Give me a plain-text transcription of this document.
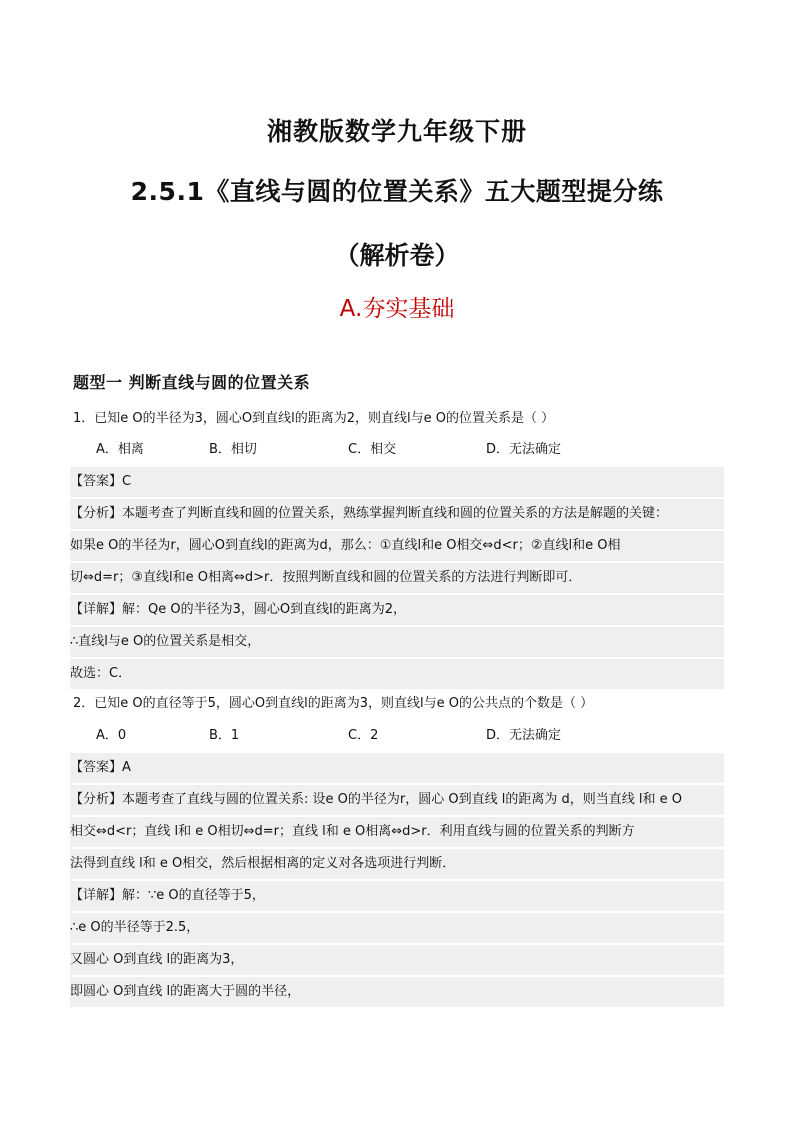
湘教版数学九年级下册
2.5.1《直线与圆的位置关系》五大题型提分练
（解析卷）
A.夯实基础
题型一 判断直线与圆的位置关系
1．已知e O的半径为3，圆心O到直线l的距离为2，则直线l与e O的位置关系是（ ）
A．相离	B．相切	C．相交	D．无法确定
【答案】C
【分析】本题考查了判断直线和圆的位置关系，熟练掌握判断直线和圆的位置关系的方法是解题的关键：
如果e O的半径为r，圆心O到直线l的距离为d，那么：①直线l和e O相交⇔d<r；②直线l和e O相
切⇔d=r；③直线l和e O相离⇔d>r．按照判断直线和圆的位置关系的方法进行判断即可．
【详解】解：Qe O的半径为3，圆心O到直线l的距离为2，
∴直线l与e O的位置关系是相交，
故选：C．
2．已知e O的直径等于5，圆心O到直线l的距离为3，则直线l与e O的公共点的个数是（ ）
A．0	B．1	C．2	D．无法确定
【答案】A
【分析】本题考查了直线与圆的位置关系: 设e O的半径为r，圆心 O到直线 l的距离为 d，则当直线 l和 e O
相交⇔d<r；直线 l和 e O相切⇔d=r；直线 l和 e O相离⇔d>r．利用直线与圆的位置关系的判断方
法得到直线 l和 e O相交，然后根据相离的定义对各选项进行判断．
【详解】解：∵e O的直径等于5，
∴e O的半径等于2.5，
又圆心 O到直线 l的距离为3，
即圆心 O到直线 l的距离大于圆的半径，
